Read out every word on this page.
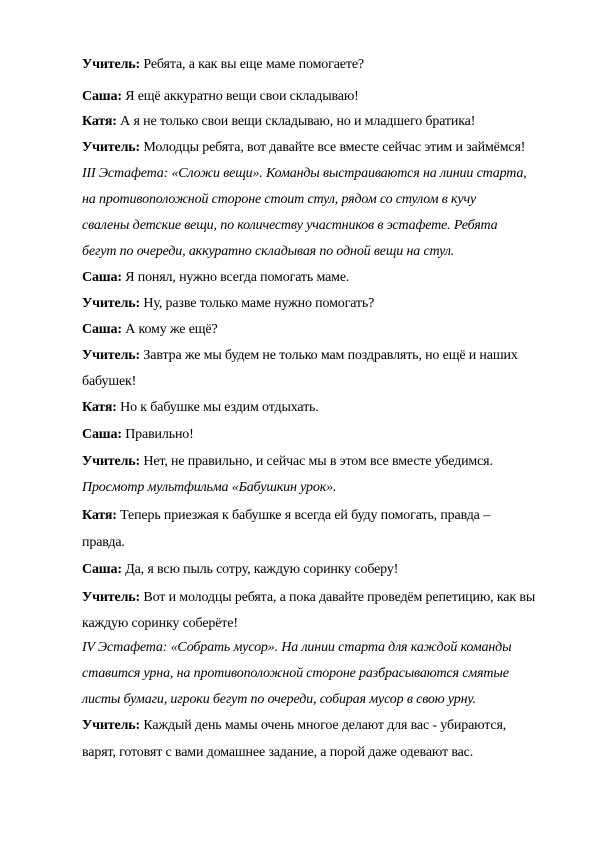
Учитель: Ребята, а как вы еще маме помогаете?
Саша: Я ещё аккуратно вещи свои складываю!
Катя: А я не только свои вещи складываю, но и младшего братика!
Учитель: Молодцы ребята, вот давайте все вместе сейчас этим и займёмся!
III Эстафета: «Сложи вещи». Команды выстраиваются на линии старта,
на противоположной стороне стоит стул, рядом со стулом в кучу
свалены детские вещи, по количеству участников в эстафете. Ребята
бегут по очереди, аккуратно складывая по одной вещи на стул.
Саша: Я понял, нужно всегда помогать маме.
Учитель: Ну, разве только маме нужно помогать?
Саша: А кому же ещё?
Учитель: Завтра же мы будем не только мам поздравлять, но ещё и наших
бабушек!
Катя: Но к бабушке мы ездим отдыхать.
Саша: Правильно!
Учитель: Нет, не правильно, и сейчас мы в этом все вместе убедимся.
Просмотр мультфильма «Бабушкин урок».
Катя: Теперь приезжая к бабушке я всегда ей буду помогать, правда –
правда.
Саша: Да, я всю пыль сотру, каждую соринку соберу!
Учитель: Вот и молодцы ребята, а пока давайте проведём репетицию, как вы
каждую соринку соберёте!
IV Эстафета: «Собрать мусор». На линии старта для каждой команды
ставится урна, на противоположной стороне разбрасываются смятые
листы бумаги, игроки бегут по очереди, собирая мусор в свою урну.
Учитель: Каждый день мамы очень многое делают для вас - убираются,
варят, готовят с вами домашнее задание, а порой даже одевают вас.
